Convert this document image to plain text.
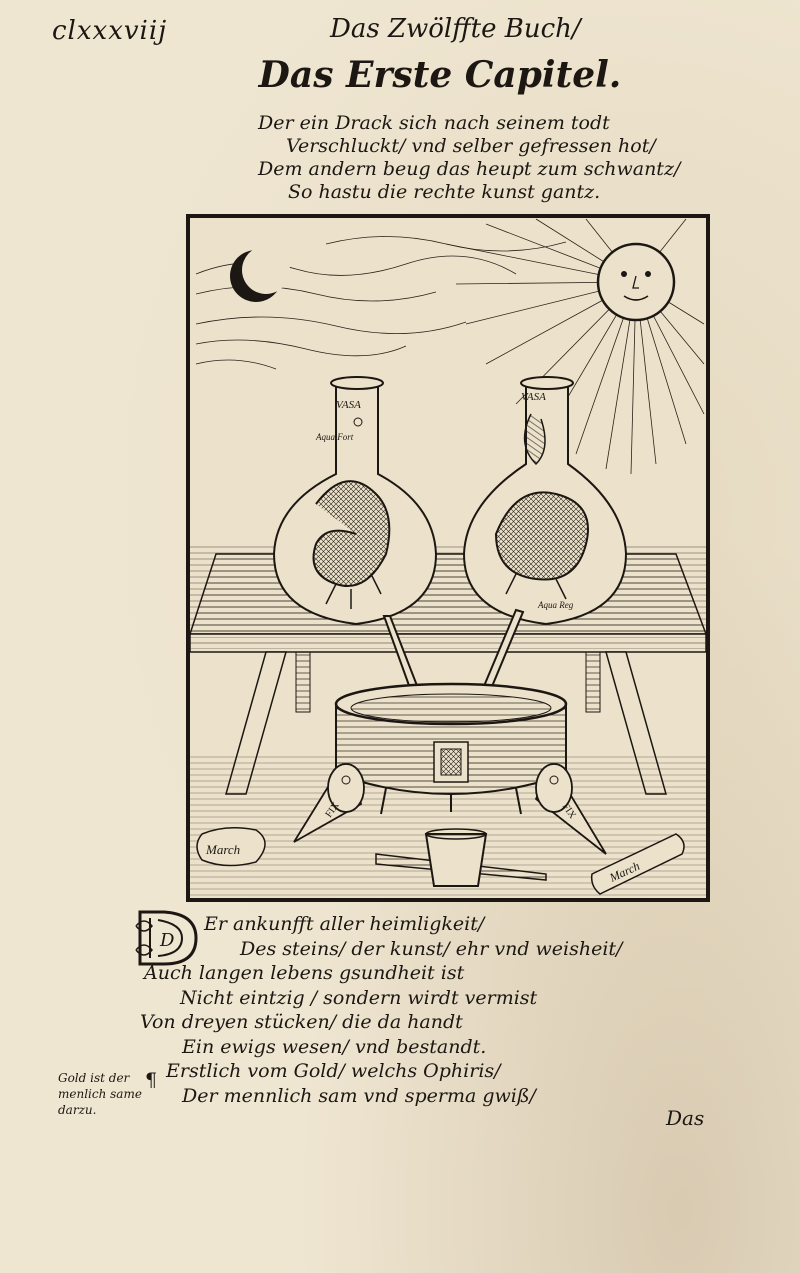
clxxxviij	Das Zwölffte Buch/
Das Erste Capitel.
Der ein Drack sich nach seinem todt
Verschluckt/ vnd selber gefressen hot/
Dem andern beug das heupt zum schwantz/
So hastu die rechte kunst gantz.
VASA
Aqua Fort
VASA
Aqua Reg
FIX	FIX
March
March
D
Er ankunfft aller heimligkeit/
Des steins/ der kunst/ ehr vnd weisheit/
Auch langen lebens gsundheit ist
Nicht eintzig / sondern wirdt vermist
Von dreyen stücken/ die da handt
Ein ewigs wesen/ vnd bestandt.
Erstlich vom Gold/ welchs Ophiris/
Der mennlich sam vnd sperma gwiß/
¶
Gold ist der
menlich same
darzu.	Das
